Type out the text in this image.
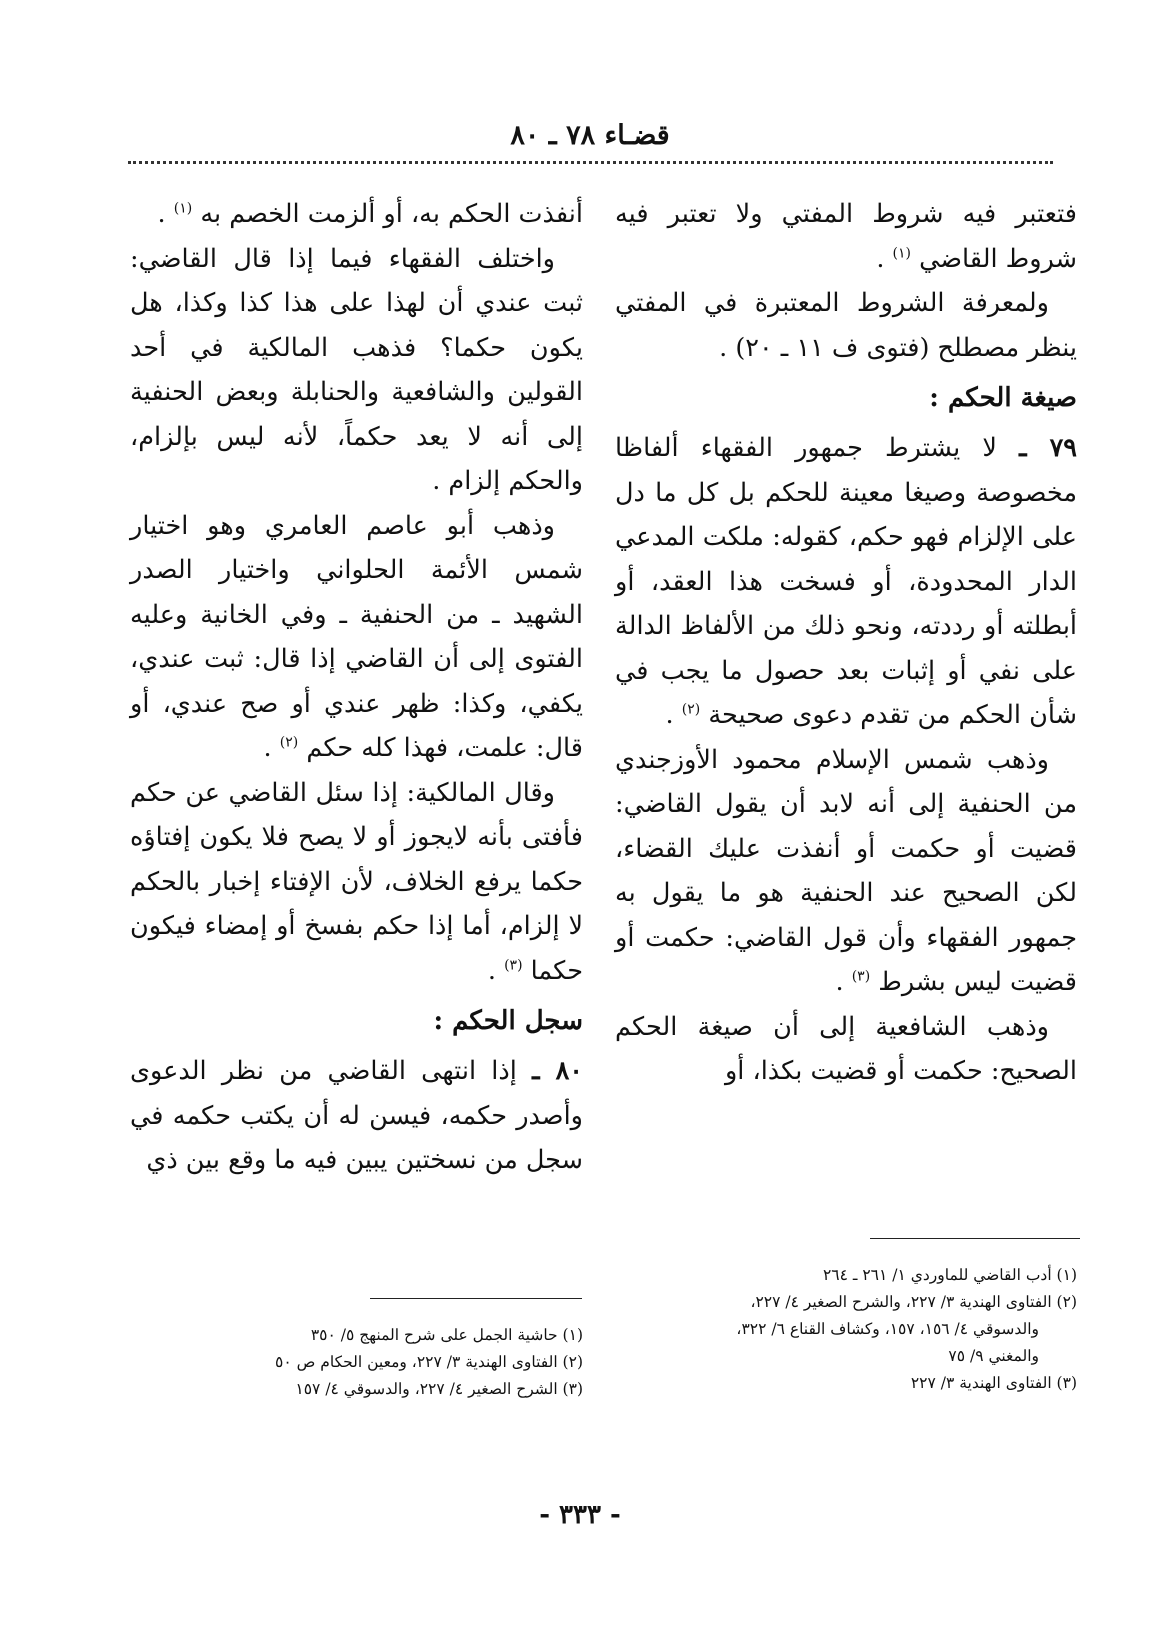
قضـاء ٧٨ ـ ٨٠

فتعتبر فيه شروط المفتي ولا تعتبر فيه شروط القاضي $^{(١)}$ .

ولمعرفة الشروط المعتبرة في المفتي ينظر مصطلح (فتوى ف ١١ ـ ٢٠) .

صيغة الحكم :

٧٩ ـ لا يشترط جمهور الفقهاء ألفاظا مخصوصة وصيغا معينة للحكم بل كل ما دل على الإلزام فهو حكم، كقوله: ملكت المدعي الدار المحدودة، أو فسخت هذا العقد، أو أبطلته أو رددته، ونحو ذلك من الألفاظ الدالة على نفي أو إثبات بعد حصول ما يجب في شأن الحكم من تقدم دعوى صحيحة $^{(٢)}$ .

وذهب شمس الإسلام محمود الأوزجندي من الحنفية إلى أنه لابد أن يقول القاضي: قضيت أو حكمت أو أنفذت عليك القضاء، لكن الصحيح عند الحنفية هو ما يقول به جمهور الفقهاء وأن قول القاضي: حكمت أو قضيت ليس بشرط $^{(٣)}$ .

وذهب الشافعية إلى أن صيغة الحكم الصحيح: حكمت أو قضيت بكذا، أو

أنفذت الحكم به، أو ألزمت الخصم به $^{(١)}$ .

واختلف الفقهاء فيما إذا قال القاضي: ثبت عندي أن لهذا على هذا كذا وكذا، هل يكون حكما؟ فذهب المالكية في أحد القولين والشافعية والحنابلة وبعض الحنفية إلى أنه لا يعد حكماً، لأنه ليس بإلزام، والحكم إلزام .

وذهب أبو عاصم العامري وهو اختيار شمس الأئمة الحلواني واختيار الصدر الشهيد ـ من الحنفية ـ وفي الخانية وعليه الفتوى إلى أن القاضي إذا قال: ثبت عندي، يكفي، وكذا: ظهر عندي أو صح عندي، أو قال: علمت، فهذا كله حكم $^{(٢)}$ .

وقال المالكية: إذا سئل القاضي عن حكم فأفتى بأنه لايجوز أو لا يصح فلا يكون إفتاؤه حكما يرفع الخلاف، لأن الإفتاء إخبار بالحكم لا إلزام، أما إذا حكم بفسخ أو إمضاء فيكون حكما $^{(٣)}$ .

سجل الحكم :

٨٠ ـ إذا انتهى القاضي من نظر الدعوى وأصدر حكمه، فيسن له أن يكتب حكمه في سجل من نسختين يبين فيه ما وقع بين ذي

(١) أدب القاضي للماوردي ١/ ٢٦١ ـ ٢٦٤

(٢) الفتاوى الهندية ٣/ ٢٢٧، والشرح الصغير ٤/ ٢٢٧،

والدسوقي ٤/ ١٥٦، ١٥٧، وكشاف القناع ٦/ ٣٢٢،

والمغني ٩/ ٧٥

(٣) الفتاوى الهندية ٣/ ٢٢٧

(١) حاشية الجمل على شرح المنهج ٥/ ٣٥٠

(٢) الفتاوى الهندية ٣/ ٢٢٧، ومعين الحكام ص ٥٠

(٣) الشرح الصغير ٤/ ٢٢٧، والدسوقي ٤/ ١٥٧

- ٣٣٣ -
